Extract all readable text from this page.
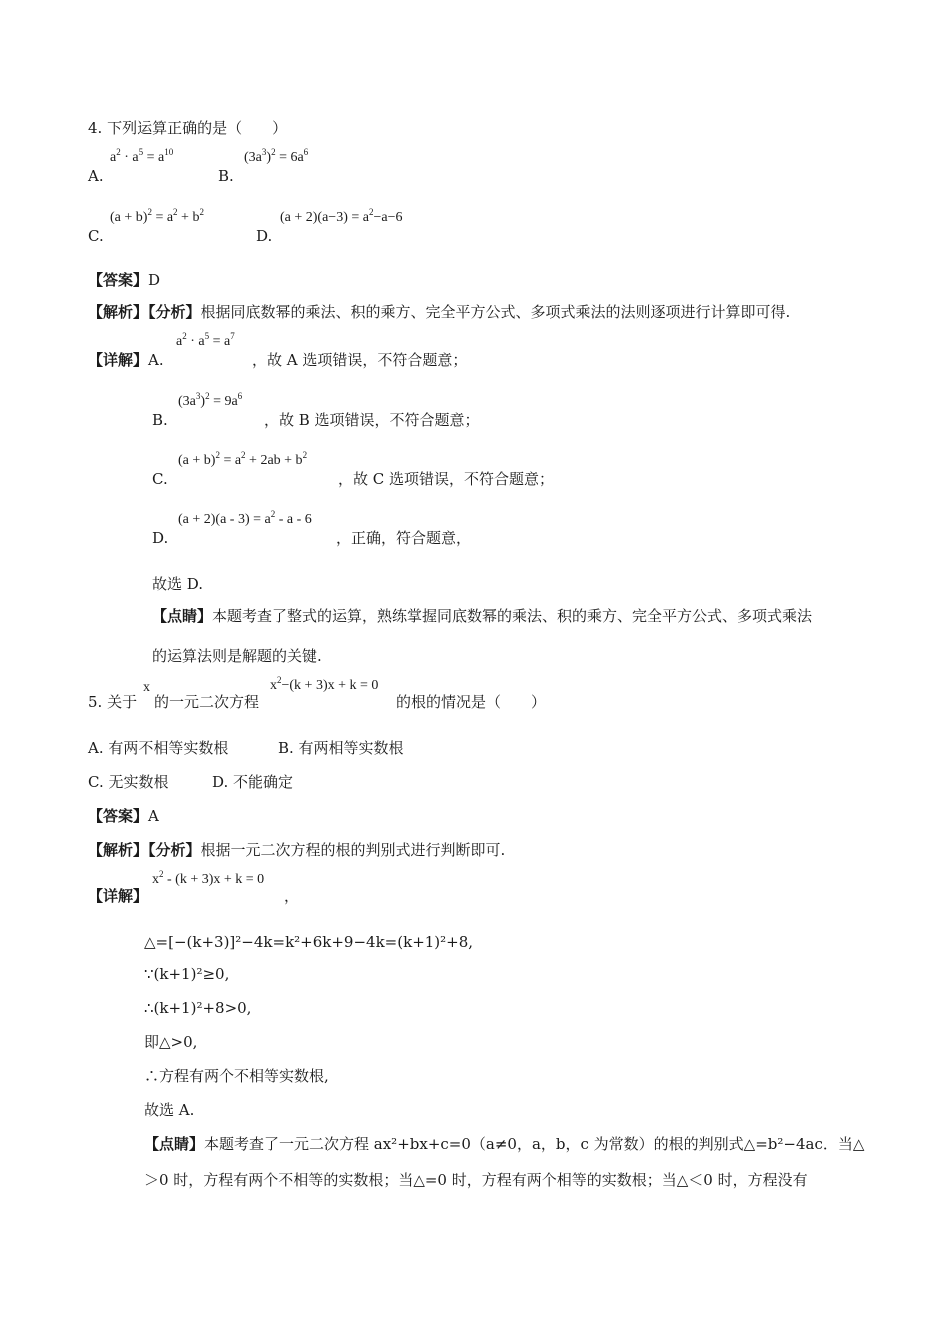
4. 下列运算正确的是（　　）
A.
$a^2 \cdot a^5 = a^{10}$
B.
$(3a^3)^2 = 6a^6$
C.
$(a + b)^2 = a^2 + b^2$
D.
$(a + 2)(a-3) = a^2-a-6$
【答案】D
【解析】【分析】根据同底数幂的乘法、积的乘方、完全平方公式、多项式乘法的法则逐项进行计算即可得.
【详解】A.
$a^2 \cdot a^5 = a^7$
，故 A 选项错误，不符合题意；
B.
$(3a^3)^2 = 9a^6$
，故 B 选项错误，不符合题意；
C.
$(a + b)^2 = a^2 + 2ab + b^2$
，故 C 选项错误，不符合题意；
D.
$(a + 2)(a - 3) = a^2 - a - 6$
，正确，符合题意，
故选 D.
【点睛】本题考查了整式的运算，熟练掌握同底数幂的乘法、积的乘方、完全平方公式、多项式乘法
的运算法则是解题的关键.
5. 关于
x
的一元二次方程
$x^2-(k + 3)x + k = 0$
的根的情况是（　　）
A. 有两不相等实数根	B. 有两相等实数根
C. 无实数根	D. 不能确定
【答案】A
【解析】【分析】根据一元二次方程的根的判别式进行判断即可.
【详解】
$x^2 - (k + 3)x + k = 0$
，
△=[−(k+3)]²−4k=k²+6k+9−4k=(k+1)²+8,
∵(k+1)²≥0,
∴(k+1)²+8>0,
即△>0,
∴方程有两个不相等实数根,
故选 A.
【点睛】本题考查了一元二次方程 ax²+bx+c=0（a≠0，a，b，c 为常数）的根的判别式△=b²−4ac．当△
＞0 时，方程有两个不相等的实数根；当△=0 时，方程有两个相等的实数根；当△＜0 时，方程没有
